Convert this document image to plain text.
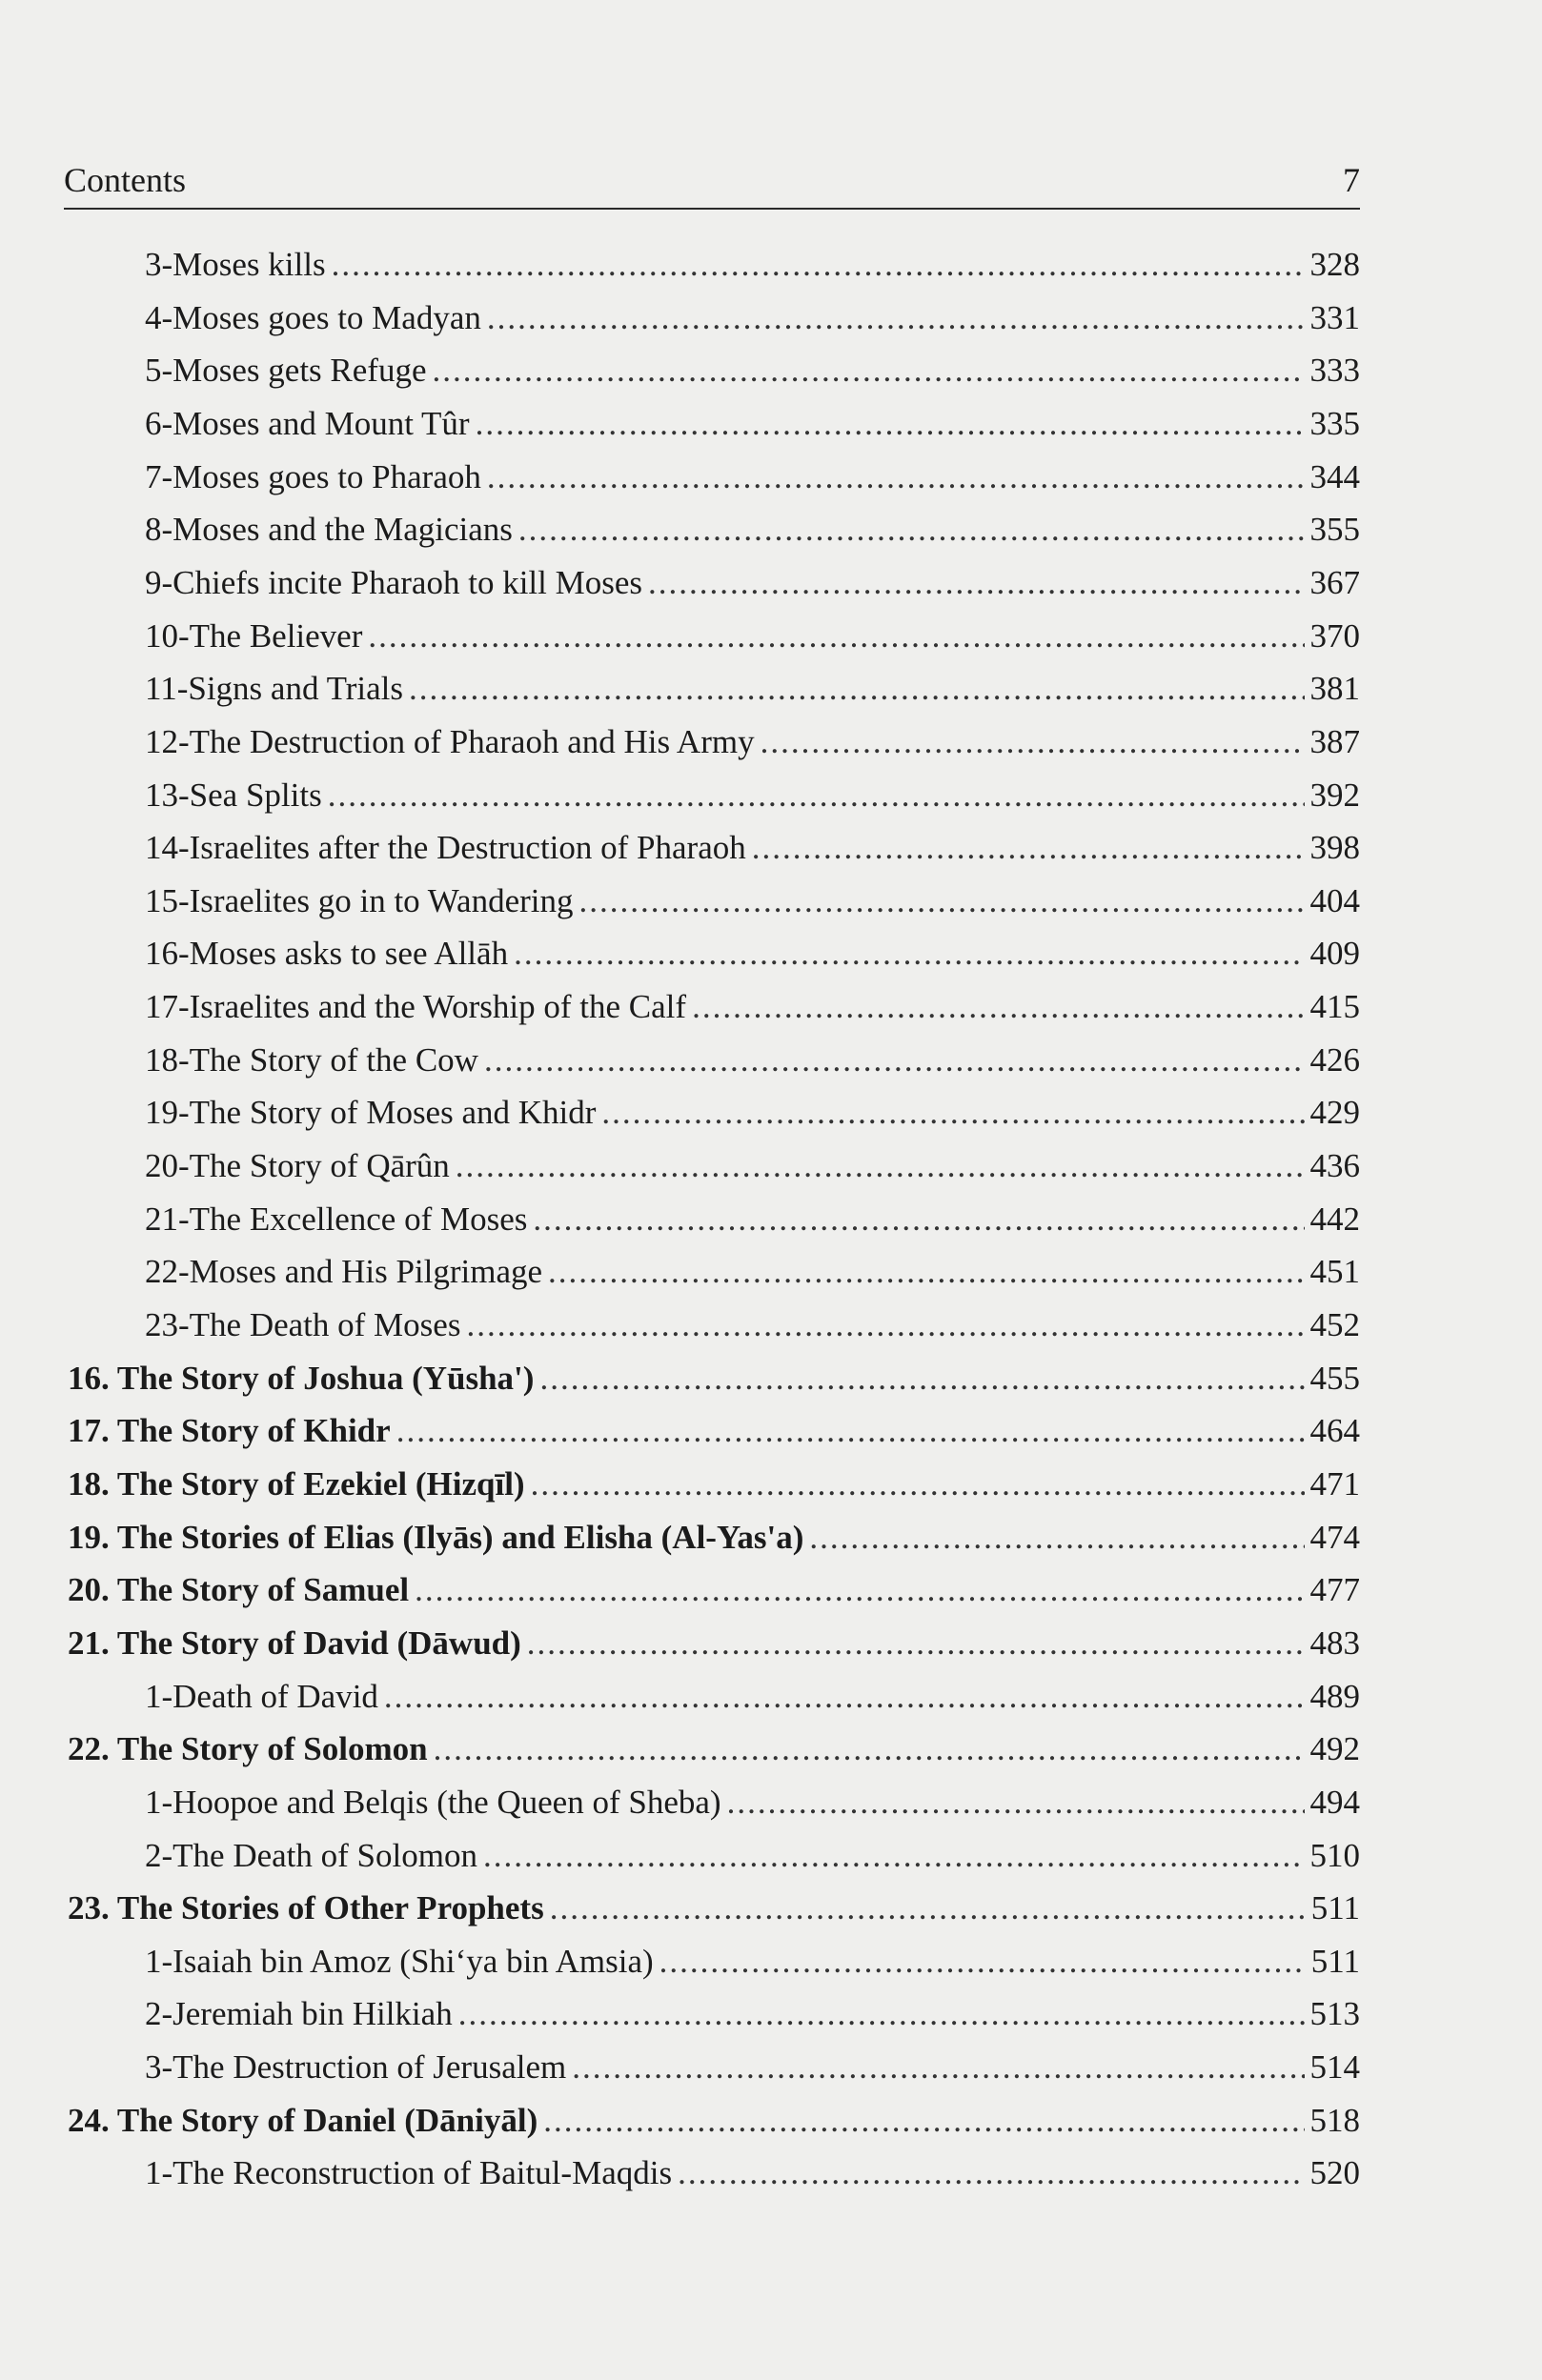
Contents	7
3-Moses kills .....	328
4-Moses goes to Madyan .....	331
5-Moses gets Refuge .....	333
6-Moses and Mount Tûr .....	335
7-Moses goes to Pharaoh .....	344
8-Moses and the Magicians .....	355
9-Chiefs incite Pharaoh to kill Moses .....	367
10-The Believer .....	370
11-Signs and Trials .....	381
12-The Destruction of Pharaoh and His Army .....	387
13-Sea Splits .....	392
14-Israelites after the Destruction of Pharaoh .....	398
15-Israelites go in to Wandering .....	404
16-Moses asks to see Allāh .....	409
17-Israelites and the Worship of the Calf .....	415
18-The Story of the Cow .....	426
19-The Story of Moses and Khidr .....	429
20-The Story of Qārûn .....	436
21-The Excellence of Moses .....	442
22-Moses and His Pilgrimage .....	451
23-The Death of Moses .....	452
16. The Story of Joshua (Yūsha') .....	455
17. The Story of Khidr .....	464
18. The Story of Ezekiel (Hizqīl) .....	471
19. The Stories of Elias (Ilyās) and Elisha (Al-Yas'a) .....	474
20. The Story of Samuel .....	477
21. The Story of David (Dāwud) .....	483
1-Death of David .....	489
22. The Story of Solomon .....	492
1-Hoopoe and Belqis (the Queen of Sheba) .....	494
2-The Death of Solomon .....	510
23. The Stories of Other Prophets .....	511
1-Isaiah bin Amoz (Shi‘ya bin Amsia) .....	511
2-Jeremiah bin Hilkiah .....	513
3-The Destruction of Jerusalem .....	514
24. The Story of Daniel (Dāniyāl) .....	518
1-The Reconstruction of Baitul-Maqdis .....	520
